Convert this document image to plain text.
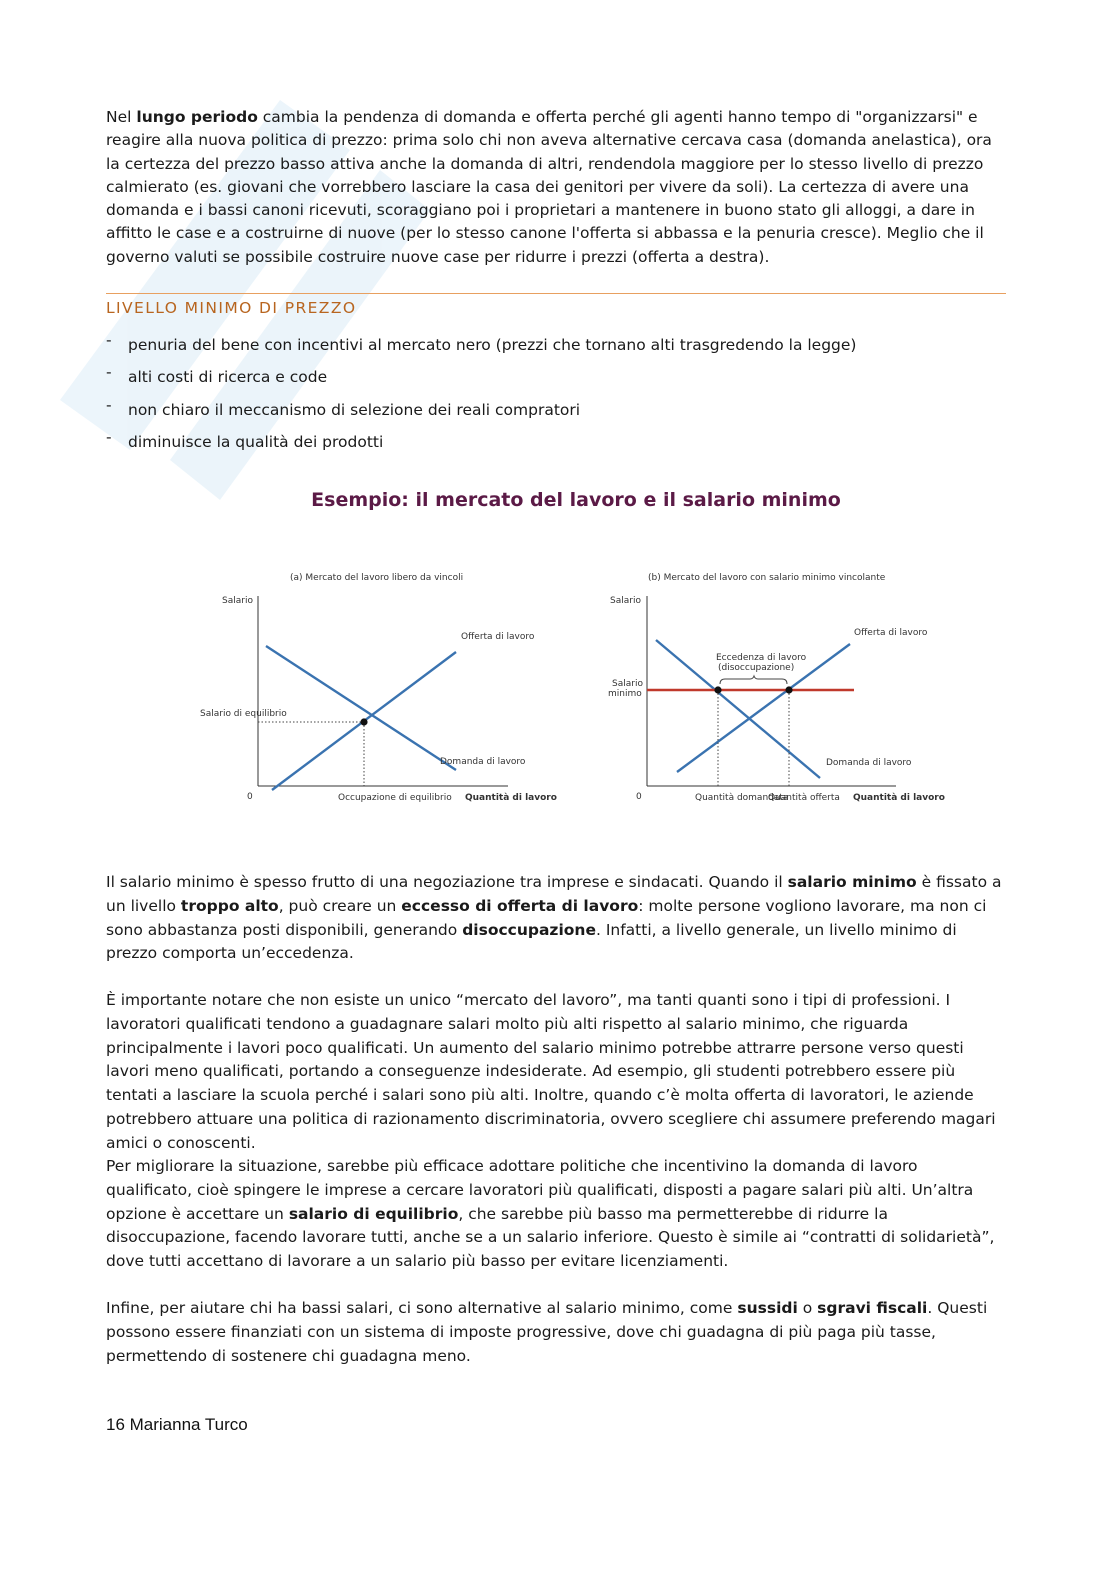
Nel lungo periodo cambia la pendenza di domanda e offerta perché gli agenti hanno tempo di "organizzarsi" e reagire alla nuova politica di prezzo: prima solo chi non aveva alternative cercava casa (domanda anelastica), ora la certezza del prezzo basso attiva anche la domanda di altri, rendendola maggiore per lo stesso livello di prezzo calmierato (es. giovani che vorrebbero lasciare la casa dei genitori per vivere da soli). La certezza di avere una domanda e i bassi canoni ricevuti, scoraggiano poi i proprietari a mantenere in buono stato gli alloggi, a dare in affitto le case e a costruirne di nuove (per lo stesso canone l'offerta si abbassa e la penuria cresce). Meglio che il governo valuti se possibile costruire nuove case per ridurre i prezzi (offerta a destra).

LIVELLO MINIMO DI PREZZO
- penuria del bene con incentivi al mercato nero (prezzi che tornano alti trasgredendo la legge)
- alti costi di ricerca e code
- non chiaro il meccanismo di selezione dei reali compratori
- diminuisce la qualità dei prodotti
Esempio: il mercato del lavoro e il salario minimo
(a) Mercato del lavoro libero da vincoli
Salario
0
Offerta di lavoro
Domanda di lavoro
Salario di equilibrio
Occupazione di equilibrio Quantità di lavoro
(b) Mercato del lavoro con salario minimo vincolante
Salario
0
Eccedenza di lavoro
(disoccupazione)
Salario
minimo
Offerta di lavoro
Domanda di lavoro
Quantità domandata
Quantità offerta Quantità di lavoro

Il salario minimo è spesso frutto di una negoziazione tra imprese e sindacati. Quando il salario minimo è fissato a un livello troppo alto, può creare un eccesso di offerta di lavoro: molte persone vogliono lavorare, ma non ci sono abbastanza posti disponibili, generando disoccupazione. Infatti, a livello generale, un livello minimo di prezzo comporta un’eccedenza.

È importante notare che non esiste un unico “mercato del lavoro”, ma tanti quanti sono i tipi di professioni. I lavoratori qualificati tendono a guadagnare salari molto più alti rispetto al salario minimo, che riguarda principalmente i lavori poco qualificati. Un aumento del salario minimo potrebbe attrarre persone verso questi lavori meno qualificati, portando a conseguenze indesiderate. Ad esempio, gli studenti potrebbero essere più tentati a lasciare la scuola perché i salari sono più alti. Inoltre, quando c’è molta offerta di lavoratori, le aziende potrebbero attuare una politica di razionamento discriminatoria, ovvero scegliere chi assumere preferendo magari amici o conoscenti.

Per migliorare la situazione, sarebbe più efficace adottare politiche che incentivino la domanda di lavoro qualificato, cioè spingere le imprese a cercare lavoratori più qualificati, disposti a pagare salari più alti. Un’altra opzione è accettare un salario di equilibrio, che sarebbe più basso ma permetterebbe di ridurre la disoccupazione, facendo lavorare tutti, anche se a un salario inferiore. Questo è simile ai “contratti di solidarietà”, dove tutti accettano di lavorare a un salario più basso per evitare licenziamenti.

Infine, per aiutare chi ha bassi salari, ci sono alternative al salario minimo, come sussidi o sgravi fiscali. Questi possono essere finanziati con un sistema di imposte progressive, dove chi guadagna di più paga più tasse, permettendo di sostenere chi guadagna meno.

16 Marianna Turco
